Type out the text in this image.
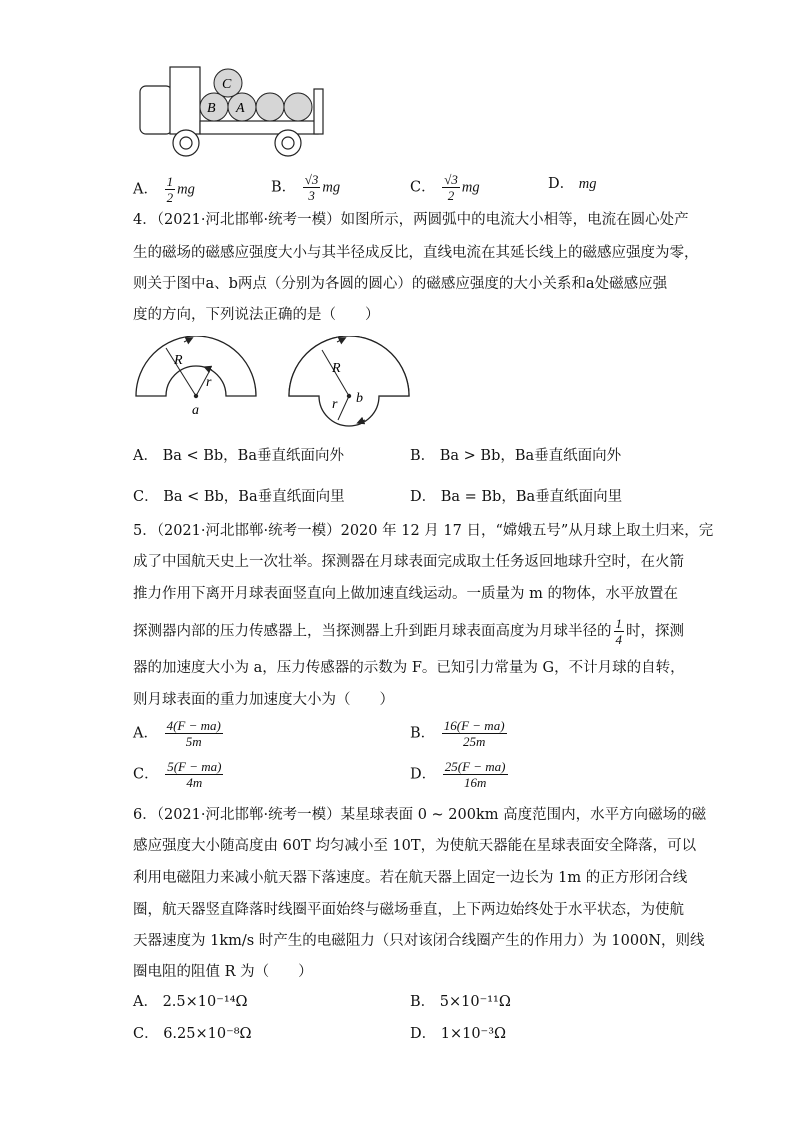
C
B A
A． $\frac{1}{2}$ mg	B． $\frac{√3}{3}$ mg	C． $\frac{√3}{2}$ mg	D． mg
4．（2021·河北邯郸·统考一模）如图所示，两圆弧中的电流大小相等，电流在圆心处产
生的磁场的磁感应强度大小与其半径成反比，直线电流在其延长线上的磁感应强度为零，
则关于图中a、b两点（分别为各圆的圆心）的磁感应强度的大小关系和a处磁感应强
度的方向，下列说法正确的是（　　）
R
r
a
R
r b
A． Ba < Bb，Ba垂直纸面向外	B． Ba > Bb，Ba垂直纸面向外
C． Ba < Bb，Ba垂直纸面向里	D． Ba = Bb，Ba垂直纸面向里
5．（2021·河北邯郸·统考一模）2020 年 12 月 17 日，“嫦娥五号”从月球上取土归来，完
成了中国航天史上一次壮举。探测器在月球表面完成取土任务返回地球升空时，在火箭
推力作用下离开月球表面竖直向上做加速直线运动。一质量为 m 的物体，水平放置在
探测器内部的压力传感器上，当探测器上升到距月球表面高度为月球半径的 $\frac{1}{4}$ 时，探测
器的加速度大小为 a，压力传感器的示数为 F。已知引力常量为 G，不计月球的自转，
则月球表面的重力加速度大小为（　　）
A． $\frac{4(F - ma)}{5m}$	B． $\frac{16(F - ma)}{25m}$
C． $\frac{5(F - ma)}{4m}$	D． $\frac{25(F - ma)}{16m}$
6．（2021·河北邯郸·统考一模）某星球表面 0 ~ 200km 高度范围内，水平方向磁场的磁
感应强度大小随高度由 60T 均匀减小至 10T，为使航天器能在星球表面安全降落，可以
利用电磁阻力来减小航天器下落速度。若在航天器上固定一边长为 1m 的正方形闭合线
圈，航天器竖直降落时线圈平面始终与磁场垂直，上下两边始终处于水平状态，为使航
天器速度为 1km/s 时产生的电磁阻力（只对该闭合线圈产生的作用力）为 1000N，则线
圈电阻的阻值 R 为（　　）
A． 2.5×10⁻¹⁴Ω	B． 5×10⁻¹¹Ω
C． 6.25×10⁻⁸Ω	D． 1×10⁻³Ω
